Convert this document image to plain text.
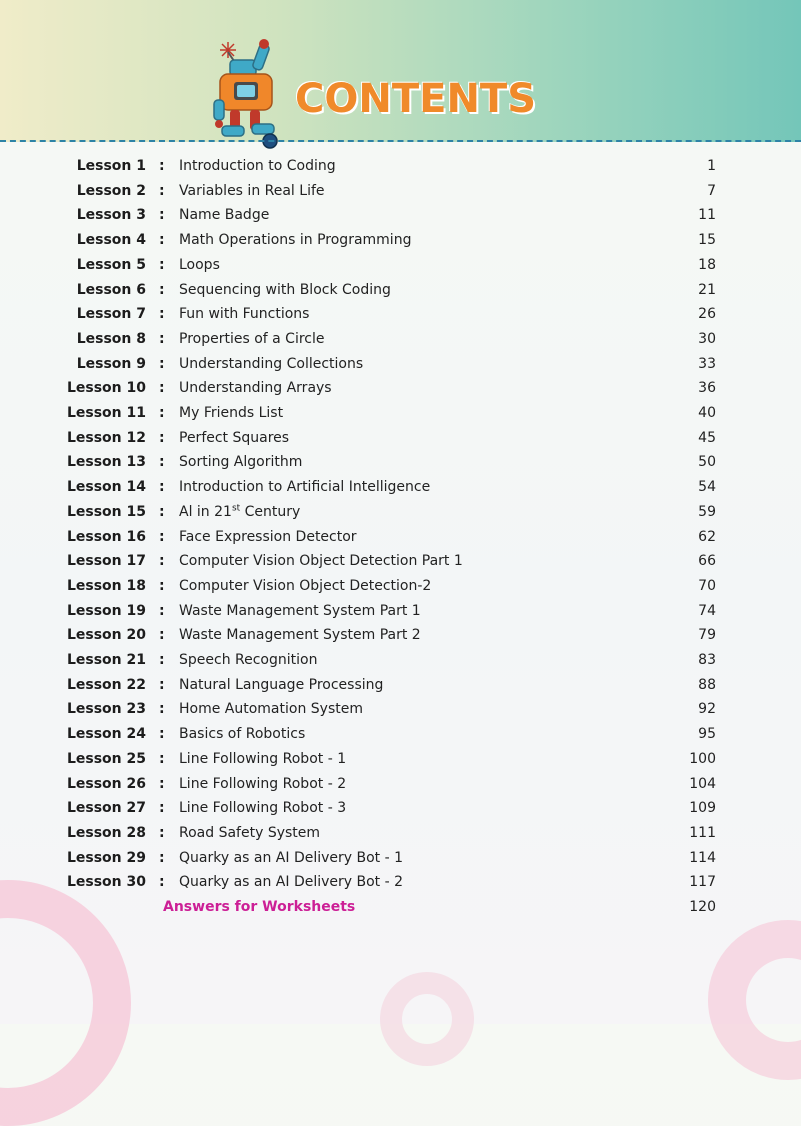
CONTENTS
Lesson 1 : Introduction to Coding	1
Lesson 2 : Variables in Real Life	7
Lesson 3 : Name Badge	11
Lesson 4 : Math Operations in Programming	15
Lesson 5 : Loops	18
Lesson 6 : Sequencing with Block Coding	21
Lesson 7 : Fun with Functions	26
Lesson 8 : Properties of a Circle	30
Lesson 9 : Understanding Collections	33
Lesson 10 : Understanding Arrays	36
Lesson 11 : My Friends List	40
Lesson 12 : Perfect Squares	45
Lesson 13 : Sorting Algorithm	50
Lesson 14 : Introduction to Artificial Intelligence	54
Lesson 15 : Al in 21st Century	59
Lesson 16 : Face Expression Detector	62
Lesson 17 : Computer Vision Object Detection Part 1	66
Lesson 18 : Computer Vision Object Detection-2	70
Lesson 19 : Waste Management System Part 1	74
Lesson 20 : Waste Management System Part 2	79
Lesson 21 : Speech Recognition	83
Lesson 22 : Natural Language Processing	88
Lesson 23 : Home Automation System	92
Lesson 24 : Basics of Robotics	95
Lesson 25 : Line Following Robot - 1	100
Lesson 26 : Line Following Robot - 2	104
Lesson 27 : Line Following Robot - 3	109
Lesson 28 : Road Safety System	111
Lesson 29 : Quarky as an AI Delivery Bot - 1	114
Lesson 30 : Quarky as an AI Delivery Bot - 2	117
Answers for Worksheets	120
